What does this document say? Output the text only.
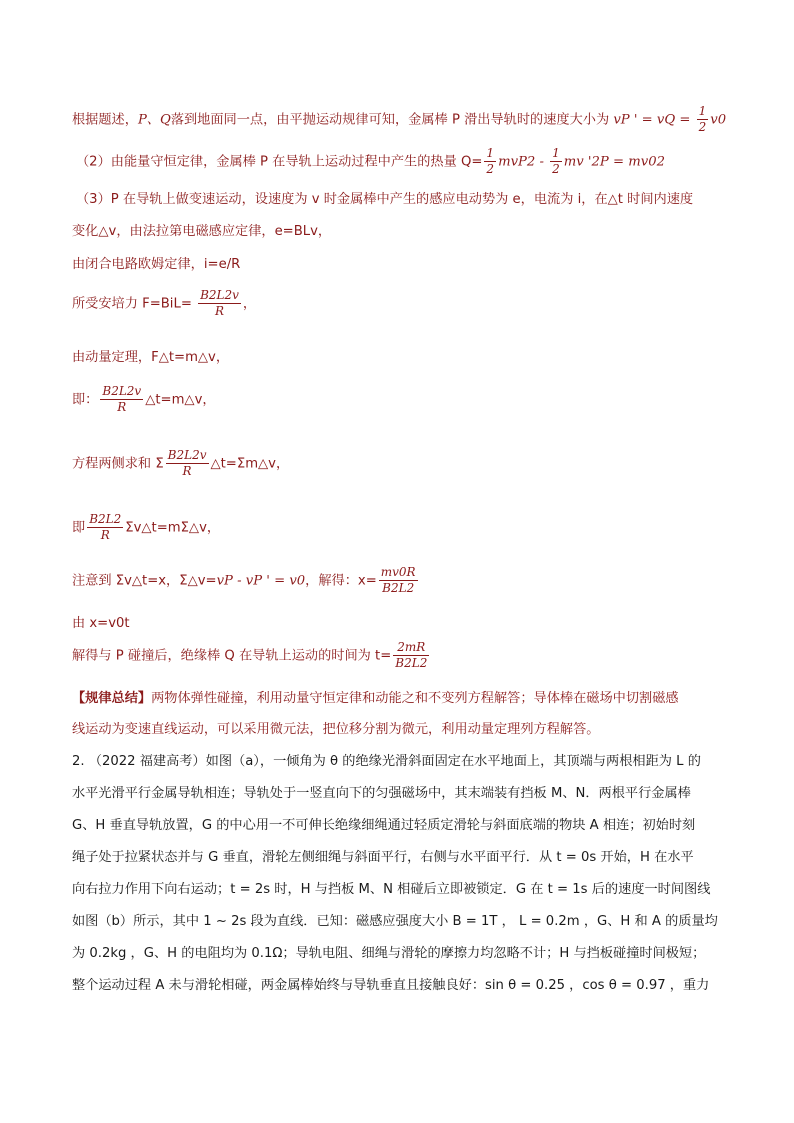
根据题述，P、Q落到地面同一点，由平抛运动规律可知，金属棒 P 滑出导轨时的速度大小为 vP ' = vQ = $\frac{1}{2} v0$
（2）由能量守恒定律，金属棒 P 在导轨上运动过程中产生的热量 $Q= \frac{1}{2} mvP2 - \frac{1}{2}$ mv '2P = mv02
（3）P 在导轨上做变速运动，设速度为 v 时金属棒中产生的感应电动势为 e，电流为 i，在△t 时间内速度
变化△v，由法拉第电磁感应定律，e=BLv，
由闭合电路欧姆定律，i=e/R
所受安培力 $F=BiL= \frac{B2L2v}{R}$ ，
由动量定理，F△t=m△v，
即： $\frac{B2L2v}{R}$ △t=m△v，
方程两侧求和 Σ $\frac{B2L2v}{R}$ △t=Σm△v，
即 $\frac{B2L2}{R}$ Σv△t=mΣ△v，
注意到 Σv△t=x，Σ△v=vP - vP ' = v0，解得：$x= \frac{mv0R}{B2L2}$
由 x=v0t
解得与 P 碰撞后，绝缘棒 Q 在导轨上运动的时间为 $t= \frac{2mR}{B2L2}$
【规律总结】两物体弹性碰撞，利用动量守恒定律和动能之和不变列方程解答；导体棒在磁场中切割磁感
线运动为变速直线运动，可以采用微元法，把位移分割为微元，利用动量定理列方程解答。
2. （2022 福建高考）如图（a），一倾角为 θ 的绝缘光滑斜面固定在水平地面上，其顶端与两根相距为 L 的
水平光滑平行金属导轨相连；导轨处于一竖直向下的匀强磁场中，其末端装有挡板 M、N．两根平行金属棒
G、H 垂直导轨放置，G 的中心用一不可伸长绝缘细绳通过轻质定滑轮与斜面底端的物块 A 相连；初始时刻
绳子处于拉紧状态并与 G 垂直，滑轮左侧细绳与斜面平行，右侧与水平面平行．从 t = 0s 开始，H 在水平
向右拉力作用下向右运动；t = 2s 时，H 与挡板 M、N 相碰后立即被锁定．G 在 t = 1s 后的速度一时间图线
如图（b）所示，其中 1 ~ 2s 段为直线．已知：磁感应强度大小 B = 1T ， L = 0.2m ，G、H 和 A 的质量均
为 0.2kg ，G、H 的电阻均为 0.1Ω；导轨电阻、细绳与滑轮的摩擦力均忽略不计；H 与挡板碰撞时间极短；
整个运动过程 A 未与滑轮相碰，两金属棒始终与导轨垂直且接触良好：sin θ = 0.25 ，cos θ = 0.97 ，重力
